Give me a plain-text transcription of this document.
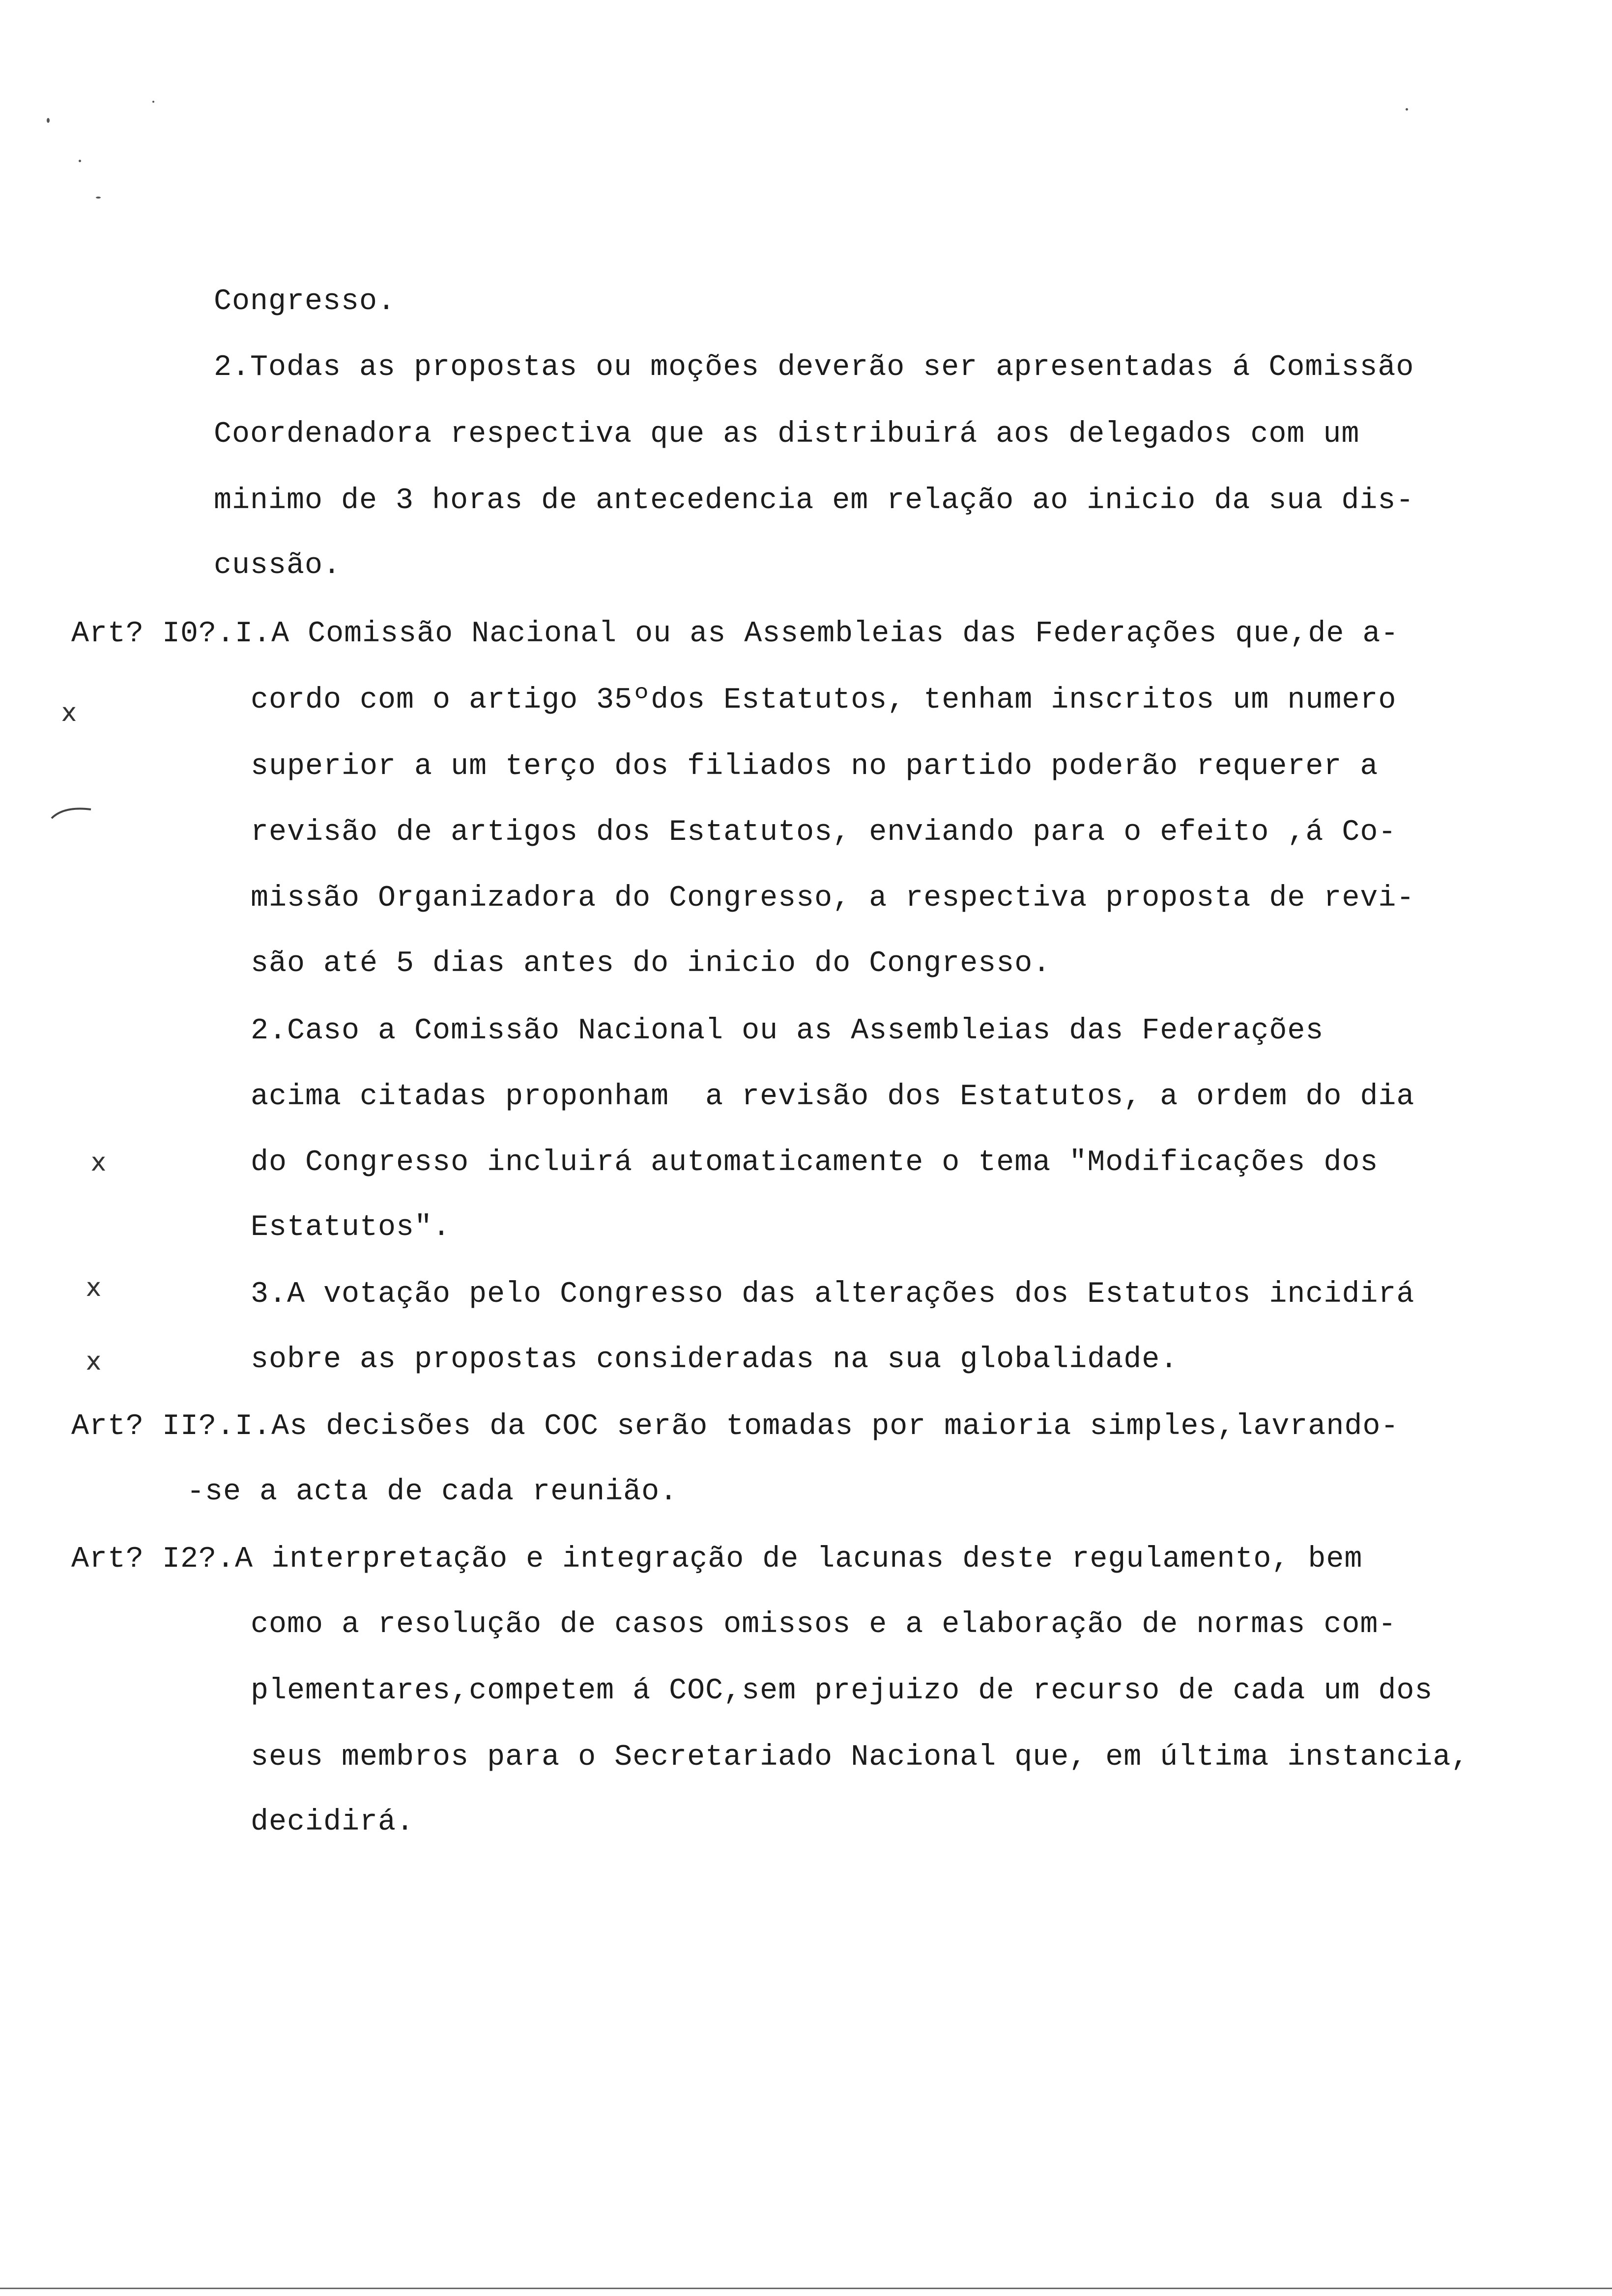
Congresso.
2.Todas as propostas ou moções deverão ser apresentadas á Comissão
Coordenadora respectiva que as distribuirá aos delegados com um
minimo de 3 horas de antecedencia em relação ao inicio da sua dis-
cussão.
Art? I0?.I.A Comissão Nacional ou as Assembleias das Federações que,de a-
cordo com o artigo 35ºdos Estatutos, tenham inscritos um numero
superior a um terço dos filiados no partido poderão requerer a
revisão de artigos dos Estatutos, enviando para o efeito ,á Co-
missão Organizadora do Congresso, a respectiva proposta de revi-
são até 5 dias antes do inicio do Congresso.
2.Caso a Comissão Nacional ou as Assembleias das Federações
acima citadas proponham  a revisão dos Estatutos, a ordem do dia
do Congresso incluirá automaticamente o tema "Modificações dos
Estatutos".
3.A votação pelo Congresso das alterações dos Estatutos incidirá
sobre as propostas consideradas na sua globalidade.
Art? II?.I.As decisões da COC serão tomadas por maioria simples,lavrando-
-se a acta de cada reunião.
Art? I2?.A interpretação e integração de lacunas deste regulamento, bem
como a resolução de casos omissos e a elaboração de normas com-
plementares,competem á COC,sem prejuizo de recurso de cada um dos
seus membros para o Secretariado Nacional que, em última instancia,
decidirá.
x
x
x
x
